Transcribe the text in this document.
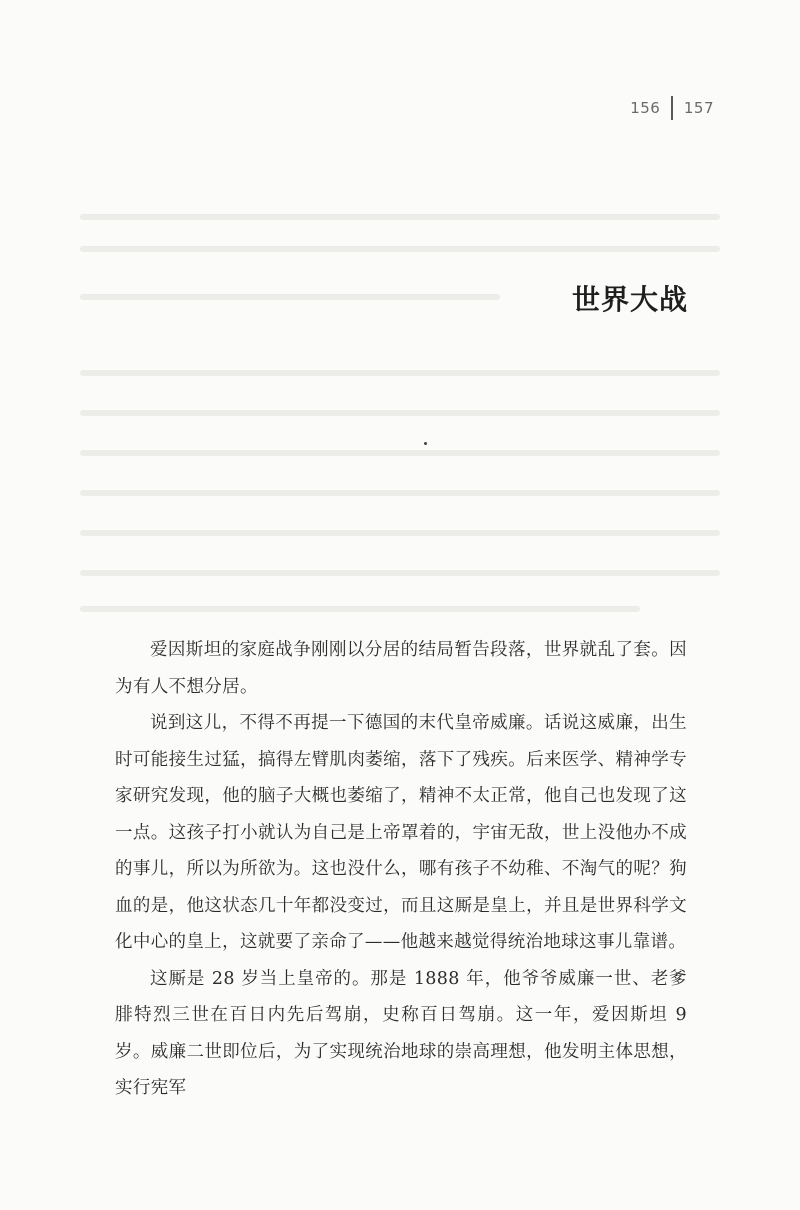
156 157
世界大战

爱因斯坦的家庭战争刚刚以分居的结局暂告段落，世界就乱了套。因为有人不想分居。

说到这儿，不得不再提一下德国的末代皇帝威廉。话说这威廉，出生时可能接生过猛，搞得左臂肌肉萎缩，落下了残疾。后来医学、精神学专家研究发现，他的脑子大概也萎缩了，精神不太正常，他自己也发现了这一点。这孩子打小就认为自己是上帝罩着的，宇宙无敌，世上没他办不成的事儿，所以为所欲为。这也没什么，哪有孩子不幼稚、不淘气的呢？狗血的是，他这状态几十年都没变过，而且这厮是皇上，并且是世界科学文化中心的皇上，这就要了亲命了——他越来越觉得统治地球这事儿靠谱。

这厮是 28 岁当上皇帝的。那是 1888 年，他爷爷威廉一世、老爹腓特烈三世在百日内先后驾崩，史称百日驾崩。这一年，爱因斯坦 9 岁。威廉二世即位后，为了实现统治地球的崇高理想，他发明主体思想，实行宪军
